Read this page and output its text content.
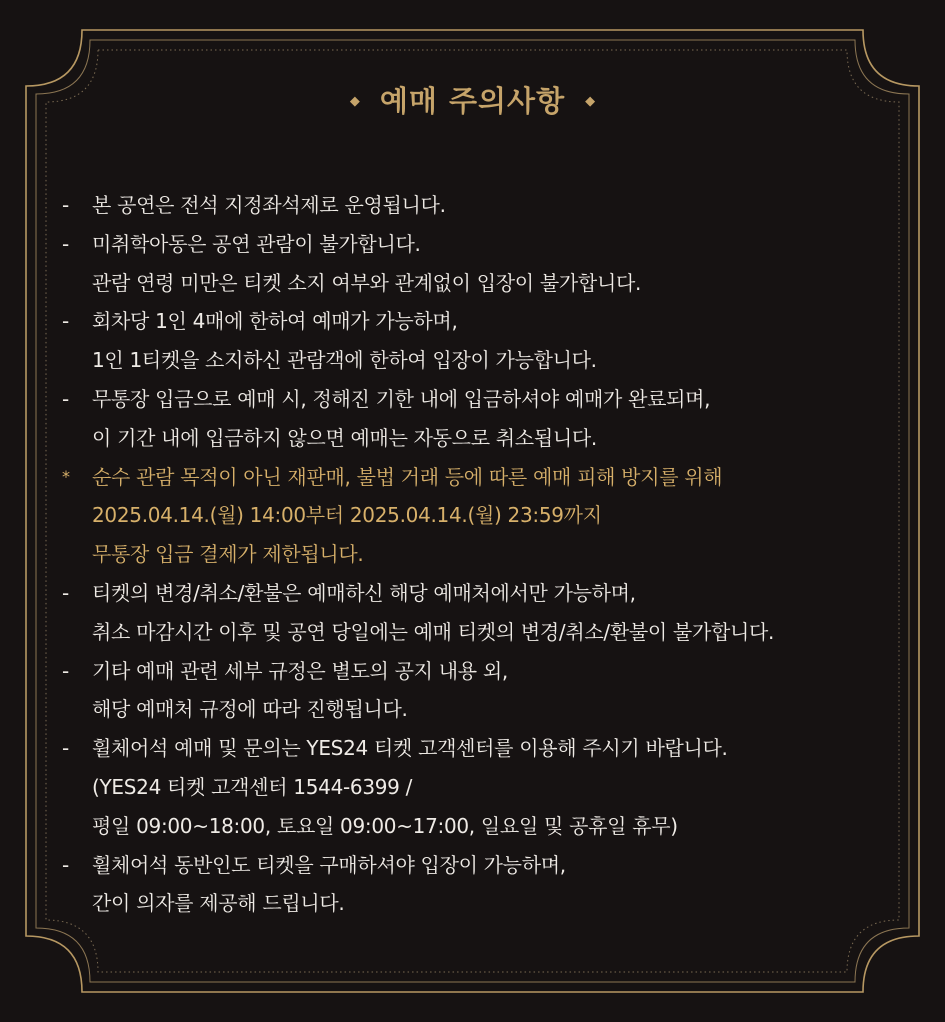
◆ 예매 주의사항 ◆
-	본 공연은 전석 지정좌석제로 운영됩니다.
-	미취학아동은 공연 관람이 불가합니다.
관람 연령 미만은 티켓 소지 여부와 관계없이 입장이 불가합니다.
-	회차당 1인 4매에 한하여 예매가 가능하며,
1인 1티켓을 소지하신 관람객에 한하여 입장이 가능합니다.
-	무통장 입금으로 예매 시, 정해진 기한 내에 입금하셔야 예매가 완료되며,
이 기간 내에 입금하지 않으면 예매는 자동으로 취소됩니다.
*	순수 관람 목적이 아닌 재판매, 불법 거래 등에 따른 예매 피해 방지를 위해
2025.04.14.(월) 14:00부터 2025.04.14.(월) 23:59까지
무통장 입금 결제가 제한됩니다.
-	티켓의 변경/취소/환불은 예매하신 해당 예매처에서만 가능하며,
취소 마감시간 이후 및 공연 당일에는 예매 티켓의 변경/취소/환불이 불가합니다.
-	기타 예매 관련 세부 규정은 별도의 공지 내용 외,
해당 예매처 규정에 따라 진행됩니다.
-	휠체어석 예매 및 문의는 YES24 티켓 고객센터를 이용해 주시기 바랍니다.
(YES24 티켓 고객센터 1544-6399 /
평일 09:00~18:00, 토요일 09:00~17:00, 일요일 및 공휴일 휴무)
-	휠체어석 동반인도 티켓을 구매하셔야 입장이 가능하며,
간이 의자를 제공해 드립니다.
